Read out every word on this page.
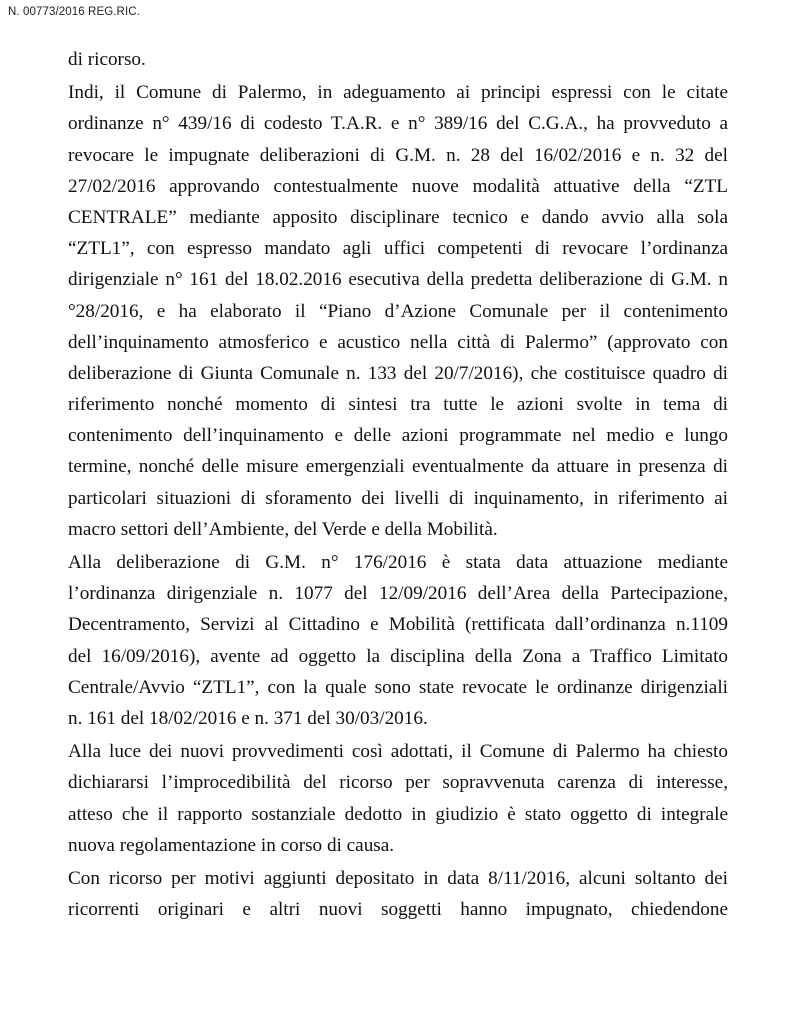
N. 00773/2016 REG.RIC.
di ricorso.
Indi, il Comune di Palermo, in adeguamento ai principi espressi con le citate
ordinanze n° 439/16 di codesto T.A.R. e n° 389/16 del C.G.A., ha provveduto a
revocare le impugnate deliberazioni di G.M. n. 28 del 16/02/2016 e n. 32 del
27/02/2016 approvando contestualmente nuove modalità attuative della “ZTL
CENTRALE” mediante apposito disciplinare tecnico e dando avvio alla sola
“ZTL1”, con espresso mandato agli uffici competenti di revocare l’ordinanza
dirigenziale n° 161 del 18.02.2016 esecutiva della predetta deliberazione di G.M. n
°28/2016, e ha elaborato il “Piano d’Azione Comunale per il contenimento
dell’inquinamento atmosferico e acustico nella città di Palermo” (approvato con
deliberazione di Giunta Comunale n. 133 del 20/7/2016), che costituisce quadro di
riferimento nonché momento di sintesi tra tutte le azioni svolte in tema di
contenimento dell’inquinamento e delle azioni programmate nel medio e lungo
termine, nonché delle misure emergenziali eventualmente da attuare in presenza di
particolari situazioni di sforamento dei livelli di inquinamento, in riferimento ai
macro settori dell’Ambiente, del Verde e della Mobilità.
Alla deliberazione di G.M. n° 176/2016 è stata data attuazione mediante
l’ordinanza dirigenziale n. 1077 del 12/09/2016 dell’Area della Partecipazione,
Decentramento, Servizi al Cittadino e Mobilità (rettificata dall’ordinanza n.1109
del 16/09/2016), avente ad oggetto la disciplina della Zona a Traffico Limitato
Centrale/Avvio “ZTL1”, con la quale sono state revocate le ordinanze dirigenziali
n. 161 del 18/02/2016 e n. 371 del 30/03/2016.
Alla luce dei nuovi provvedimenti così adottati, il Comune di Palermo ha chiesto
dichiararsi l’improcedibilità del ricorso per sopravvenuta carenza di interesse,
atteso che il rapporto sostanziale dedotto in giudizio è stato oggetto di integrale
nuova regolamentazione in corso di causa.
Con ricorso per motivi aggiunti depositato in data 8/11/2016, alcuni soltanto dei
ricorrenti originari e altri nuovi soggetti hanno impugnato, chiedendone
